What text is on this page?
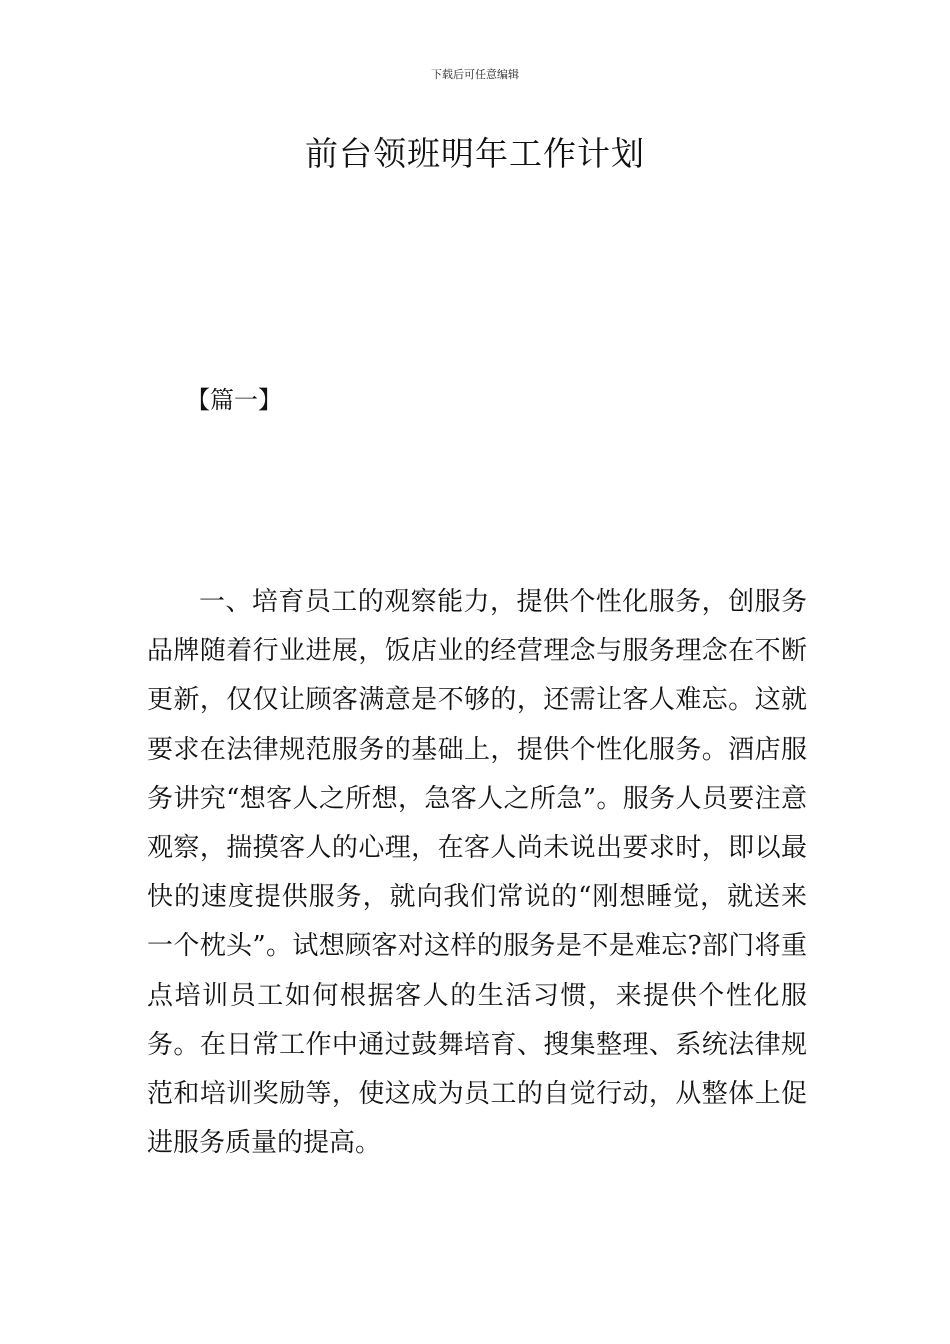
下载后可任意编辑
前台领班明年工作计划
【篇一】

一、培育员工的观察能力，提供个性化服务，创服务品牌随着行业进展，饭店业的经营理念与服务理念在不断更新，仅仅让顾客满意是不够的，还需让客人难忘。这就要求在法律规范服务的基础上，提供个性化服务。酒店服务讲究“想客人之所想，急客人之所急”。服务人员要注意观察，揣摸客人的心理，在客人尚未说出要求时，即以最快的速度提供服务，就向我们常说的“刚想睡觉，就送来一个枕头”。试想顾客对这样的服务是不是难忘?部门将重点培训员工如何根据客人的生活习惯，来提供个性化服务。在日常工作中通过鼓舞培育、搜集整理、系统法律规范和培训奖励等，使这成为员工的自觉行动，从整体上促进服务质量的提高。
